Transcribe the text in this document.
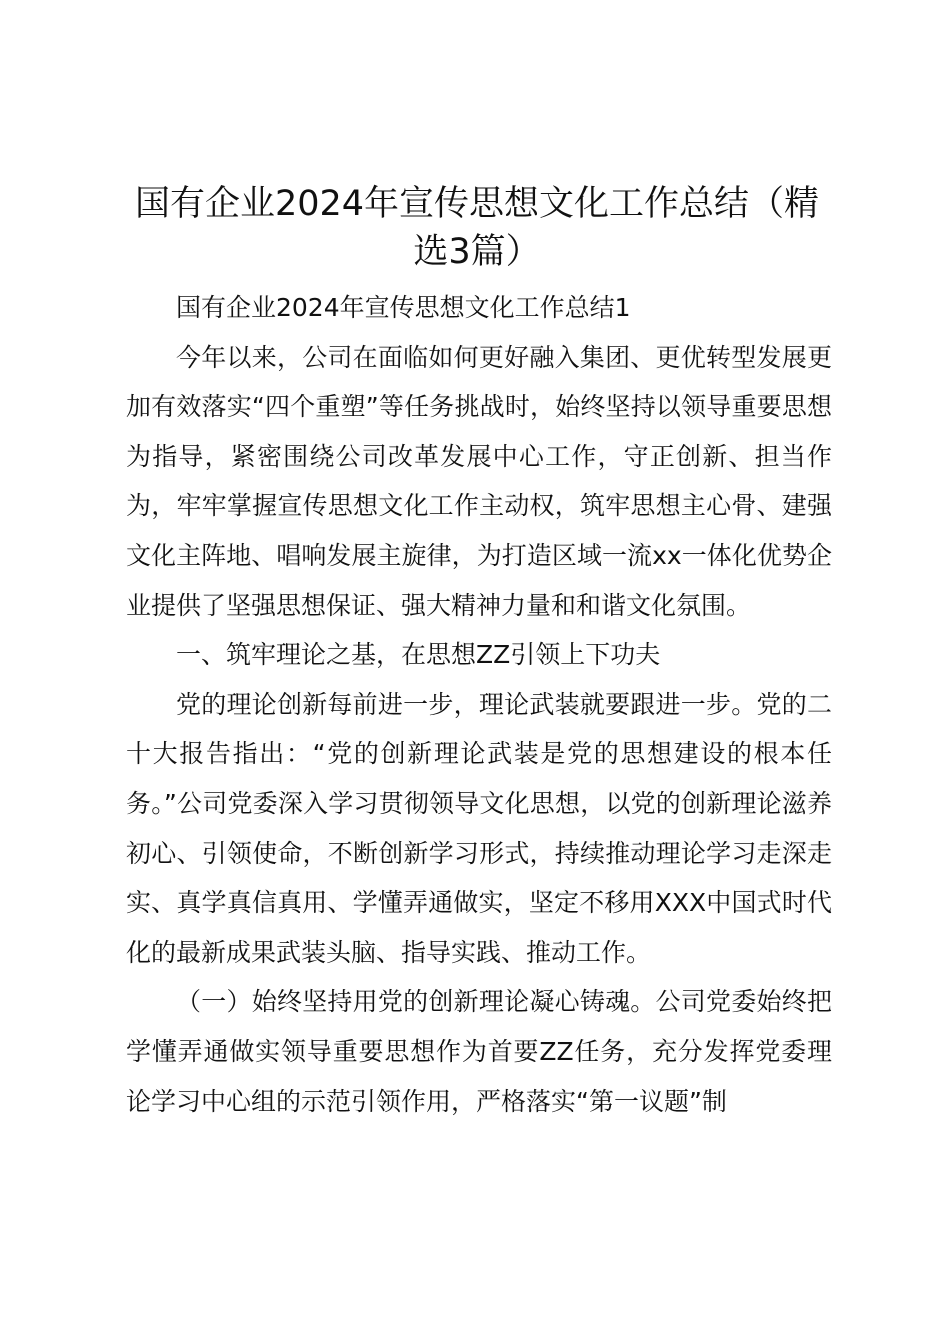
国有企业2024年宣传思想文化工作总结（精选3篇）

国有企业2024年宣传思想文化工作总结1

今年以来，公司在面临如何更好融入集团、更优转型发展更加有效落实“四个重塑”等任务挑战时，始终坚持以领导重要思想为指导，紧密围绕公司改革发展中心工作，守正创新、担当作为，牢牢掌握宣传思想文化工作主动权，筑牢思想主心骨、建强文化主阵地、唱响发展主旋律，为打造区域一流xx一体化优势企业提供了坚强思想保证、强大精神力量和和谐文化氛围。

一、筑牢理论之基，在思想ZZ引领上下功夫

党的理论创新每前进一步，理论武装就要跟进一步。党的二十大报告指出：“党的创新理论武装是党的思想建设的根本任务。”公司党委深入学习贯彻领导文化思想，以党的创新理论滋养初心、引领使命，不断创新学习形式，持续推动理论学习走深走实、真学真信真用、学懂弄通做实，坚定不移用XXX中国式时代化的最新成果武装头脑、指导实践、推动工作。

（一）始终坚持用党的创新理论凝心铸魂。公司党委始终把学懂弄通做实领导重要思想作为首要ZZ任务，充分发挥党委理论学习中心组的示范引领作用，严格落实“第一议题”制
